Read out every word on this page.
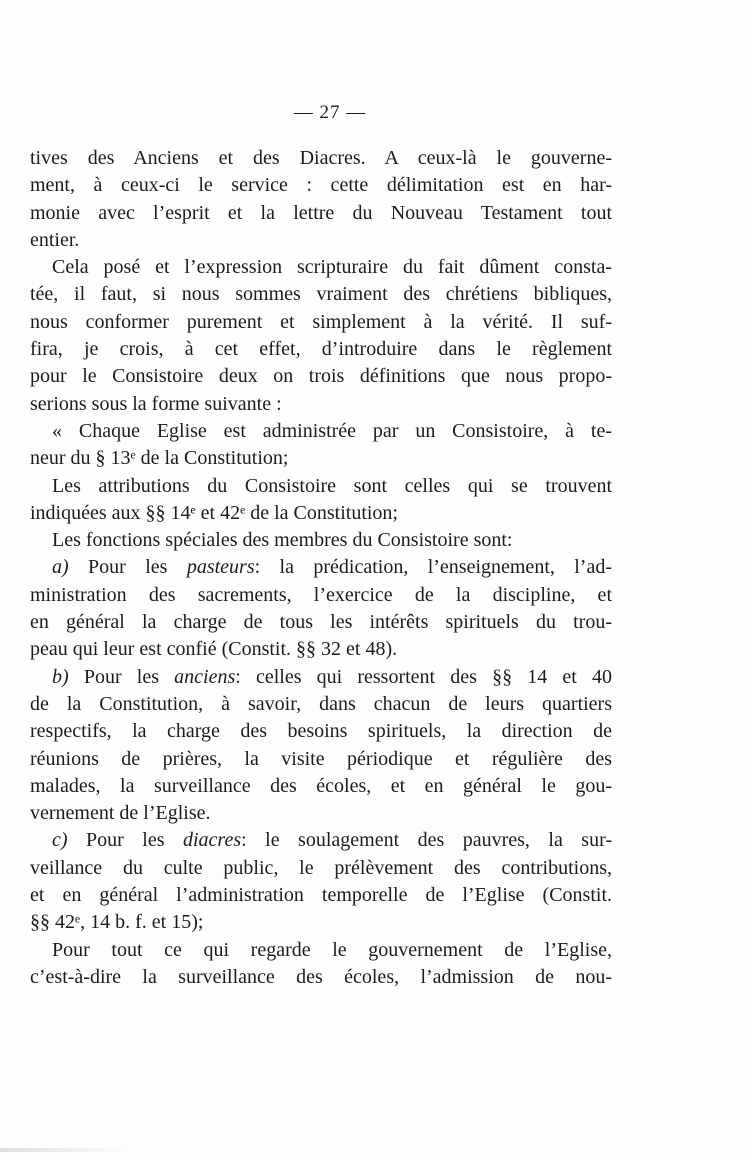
— 27 —
tives des Anciens et des Diacres. A ceux-là le gouverne-
ment, à ceux-ci le service : cette délimitation est en har-
monie avec l’esprit et la lettre du Nouveau Testament tout
entier.
Cela posé et l’expression scripturaire du fait dûment consta-
tée, il faut, si nous sommes vraiment des chrétiens bibliques,
nous conformer purement et simplement à la vérité. Il suf-
fira, je crois, à cet effet, d’introduire dans le règlement
pour le Consistoire deux on trois définitions que nous propo-
serions sous la forme suivante :
« Chaque Eglise est administrée par un Consistoire, à te-
neur du § 13ᵉ de la Constitution;
Les attributions du Consistoire sont celles qui se trouvent
indiquées aux §§ 14ᵉ et 42ᵉ de la Constitution;
Les fonctions spéciales des membres du Consistoire sont:
a) Pour les pasteurs: la prédication, l’enseignement, l’ad-
ministration des sacrements, l’exercice de la discipline, et
en général la charge de tous les intérêts spirituels du trou-
peau qui leur est confié (Constit. §§ 32 et 48).
b) Pour les anciens: celles qui ressortent des §§ 14 et 40
de la Constitution, à savoir, dans chacun de leurs quartiers
respectifs, la charge des besoins spirituels, la direction de
réunions de prières, la visite périodique et régulière des
malades, la surveillance des écoles, et en général le gou-
vernement de l’Eglise.
c) Pour les diacres: le soulagement des pauvres, la sur-
veillance du culte public, le prélèvement des contributions,
et en général l’administration temporelle de l’Eglise (Constit.
§§ 42ᵉ, 14 b. f. et 15);
Pour tout ce qui regarde le gouvernement de l’Eglise,
c’est-à-dire la surveillance des écoles, l’admission de nou-
